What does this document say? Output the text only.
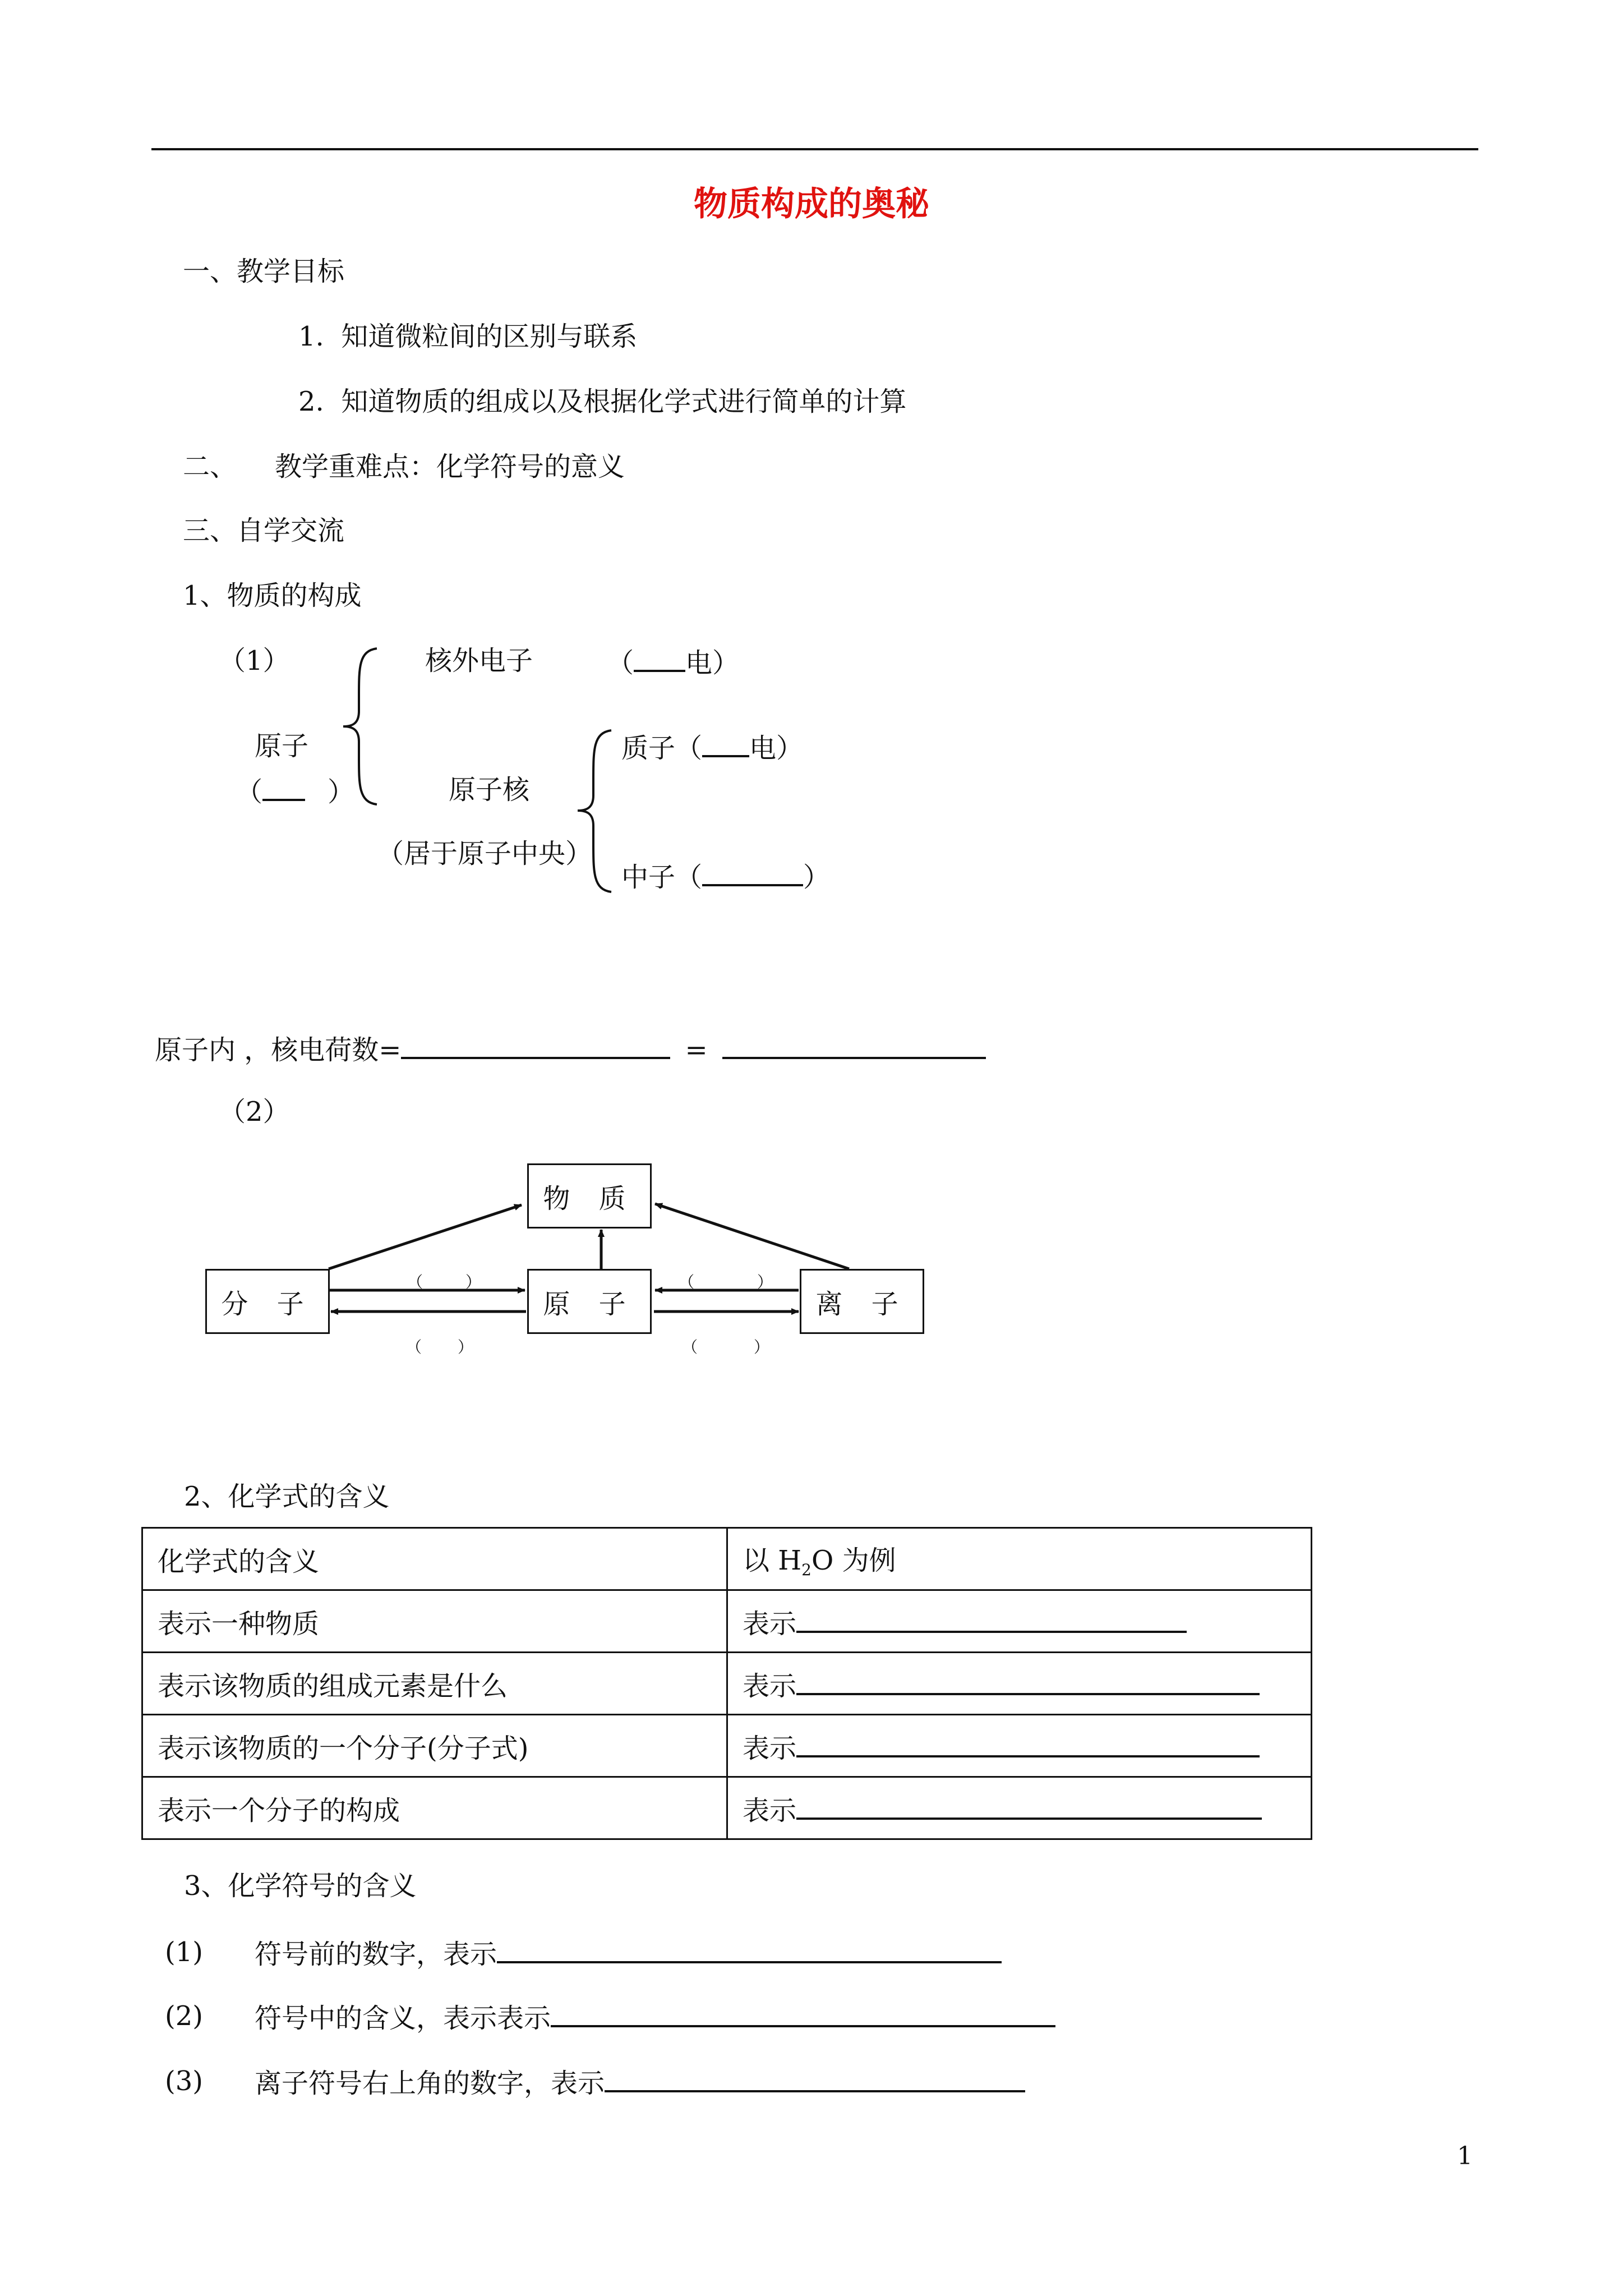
物质构成的奥秘
一、教学目标
1.  知道微粒间的区别与联系
2.  知道物质的组成以及根据化学式进行简单的计算
二、 教学重难点：化学符号的意义
三、自学交流
1、物质的构成
（1）
原子
（ ）
核外电子	（ 电）
原子核
（居于原子中央）
质子（ 电）
中子（	）
原子内 ，核电荷数=	=
（2）
物 质
分 子	原 子	离 子
（	）
（ ）
（	）
（	）
2、化学式的含义
化学式的含义	以 $H_2O$ 为例
表示一种物质	表示
表示该物质的组成元素是什么	表示
表示该物质的一个分子(分子式)	表示
表示一个分子的构成	表示
3、化学符号的含义
(1) 符号前的数字，表示
(2) 符号中的含义，表示表示
(3) 离子符号右上角的数字，表示
1
